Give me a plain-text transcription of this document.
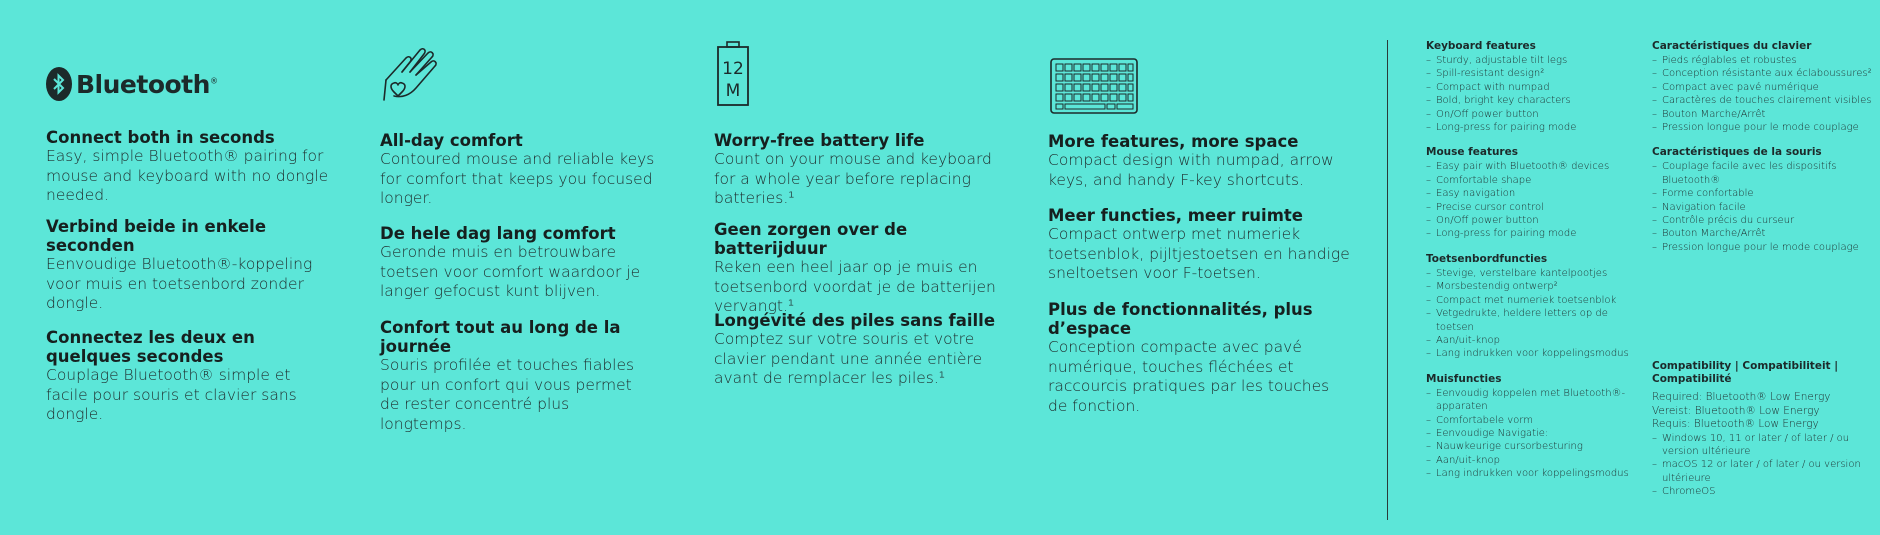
Bluetooth®
12
M
Connect both in seconds

Easy, simple Bluetooth® pairing for mouse and keyboard with no dongle needed.

Verbind beide in enkele seconden

Eenvoudige Bluetooth®-koppeling voor muis en toetsenbord zonder dongle.

Connectez les deux en quelques secondes

Couplage Bluetooth® simple et facile pour souris et clavier sans dongle.

All-day comfort

Contoured mouse and reliable keys for comfort that keeps you focused longer.

De hele dag lang comfort

Geronde muis en betrouwbare toetsen voor comfort waardoor je langer gefocust kunt blijven.

Confort tout au long de la journée

Souris profilée et touches fiables pour un confort qui vous permet de rester concentré plus longtemps.

Worry-free battery life

Count on your mouse and keyboard for a whole year before replacing batteries.¹

Geen zorgen over de batterijduur

Reken een heel jaar op je muis en toetsenbord voordat je de batterijen vervangt.¹

Longévité des piles sans faille

Comptez sur votre souris et votre clavier pendant une année entière avant de remplacer les piles.¹

More features, more space

Compact design with numpad, arrow keys, and handy F-key shortcuts.

Meer functies, meer ruimte

Compact ontwerp met numeriek toetsenblok, pijltjestoetsen en handige sneltoetsen voor F-toetsen.

Plus de fonctionnalités, plus d’espace

Conception compacte avec pavé numérique, touches fléchées et raccourcis pratiques par les touches de fonction.

Keyboard features
– Sturdy, adjustable tilt legs
– Spill-resistant design²
– Compact with numpad
– Bold, bright key characters
– On/Off power button
– Long-press for pairing mode
Mouse features
– Easy pair with Bluetooth® devices
– Comfortable shape
– Easy navigation
– Precise cursor control
– On/Off power button
– Long-press for pairing mode
Toetsenbordfuncties
– Stevige, verstelbare kantelpootjes
– Morsbestendig ontwerp²
– Compact met numeriek toetsenblok
– Vetgedrukte, heldere letters op de toetsen
– Aan/uit-knop
– Lang indrukken voor koppelingsmodus
Muisfuncties
– Eenvoudig koppelen met Bluetooth®-apparaten
– Comfortabele vorm
– Eenvoudige Navigatie:
– Nauwkeurige cursorbesturing
– Aan/uit-knop
– Lang indrukken voor koppelingsmodus
Caractéristiques du clavier
– Pieds réglables et robustes
– Conception résistante aux éclaboussures²
– Compact avec pavé numérique
– Caractères de touches clairement visibles
– Bouton Marche/Arrêt
– Pression longue pour le mode couplage
Caractéristiques de la souris
– Couplage facile avec les dispositifs Bluetooth®
– Forme confortable
– Navigation facile
– Contrôle précis du curseur
– Bouton Marche/Arrêt
– Pression longue pour le mode couplage
Compatibility | Compatibiliteit | Compatibilité

Required: Bluetooth® Low Energy

Vereist: Bluetooth® Low Energy

Requis: Bluetooth® Low Energy

– Windows 10, 11 or later / of later / ou version ultérieure
– macOS 12 or later / of later / ou version ultérieure
– ChromeOS
